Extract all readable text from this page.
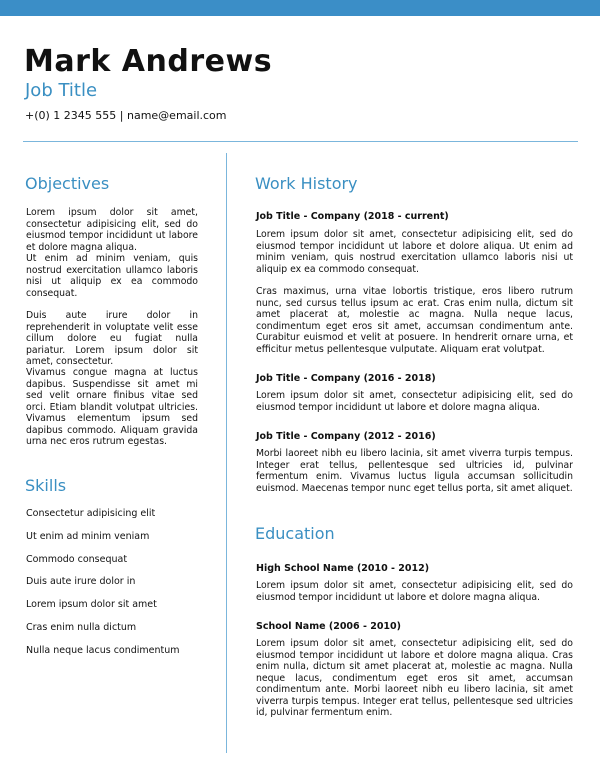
Mark Andrews
Job Title
+(0) 1 2345 555 | name@email.com
Objectives

Lorem ipsum dolor sit amet, consectetur adipisicing elit, sed do eiusmod tempor incididunt ut labore et dolore magna aliqua.
Ut enim ad minim veniam, quis nostrud exercitation ullamco laboris nisi ut aliquip ex ea commodo consequat.

Duis aute irure dolor in reprehenderit in voluptate velit esse cillum dolore eu fugiat nulla pariatur. Lorem ipsum dolor sit amet, consectetur.

Vivamus congue magna at luctus dapibus. Suspendisse sit amet mi sed velit ornare finibus vitae sed orci. Etiam blandit volutpat ultricies. Vivamus elementum ipsum sed dapibus commodo. Aliquam gravida urna nec eros rutrum egestas.

Skills
Consectetur adipisicing elit
Ut enim ad minim veniam
Commodo consequat
Duis aute irure dolor in
Lorem ipsum dolor sit amet
Cras enim nulla dictum
Nulla neque lacus condimentum
Work History
Job Title - Company (2018 - current)

Lorem ipsum dolor sit amet, consectetur adipisicing elit, sed do eiusmod tempor incididunt ut labore et dolore aliqua. Ut enim ad minim veniam, quis nostrud exercitation ullamco laboris nisi ut aliquip ex ea commodo consequat.

Cras maximus, urna vitae lobortis tristique, eros libero rutrum nunc, sed cursus tellus ipsum ac erat. Cras enim nulla, dictum sit amet placerat at, molestie ac magna. Nulla neque lacus, condimentum eget eros sit amet, accumsan condimentum ante. Curabitur euismod et velit at posuere. In hendrerit ornare urna, et efficitur metus pellentesque vulputate. Aliquam erat volutpat.

Job Title - Company (2016 - 2018)

Lorem ipsum dolor sit amet, consectetur adipisicing elit, sed do eiusmod tempor incididunt ut labore et dolore magna aliqua.

Job Title - Company (2012 - 2016)

Morbi laoreet nibh eu libero lacinia, sit amet viverra turpis tempus. Integer erat tellus, pellentesque sed ultricies id, pulvinar fermentum enim. Vivamus luctus ligula accumsan sollicitudin euismod. Maecenas tempor nunc eget tellus porta, sit amet aliquet.

Education
High School Name (2010 - 2012)

Lorem ipsum dolor sit amet, consectetur adipisicing elit, sed do eiusmod tempor incididunt ut labore et dolore magna aliqua.

School Name (2006 - 2010)

Lorem ipsum dolor sit amet, consectetur adipisicing elit, sed do eiusmod tempor incididunt ut labore et dolore magna aliqua. Cras enim nulla, dictum sit amet placerat at, molestie ac magna. Nulla neque lacus, condimentum eget eros sit amet, accumsan condimentum ante. Morbi laoreet nibh eu libero lacinia, sit amet viverra turpis tempus. Integer erat tellus, pellentesque sed ultricies id, pulvinar fermentum enim.
